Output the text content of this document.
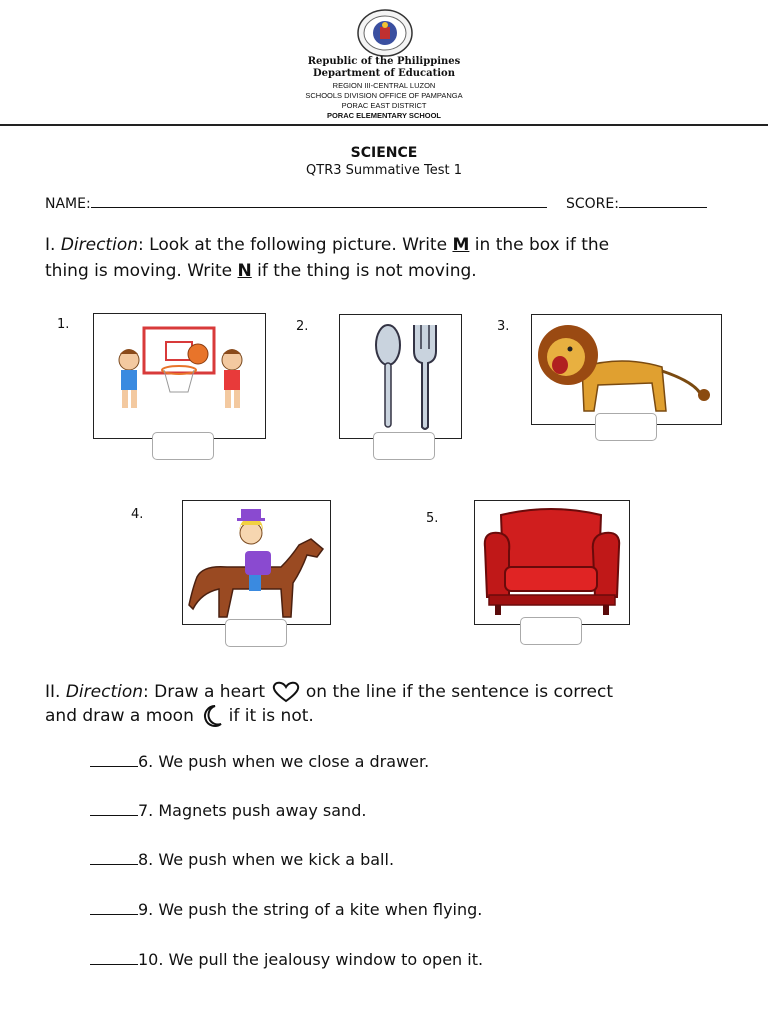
Republic of the Philippines
Department of Education
REGION III-CENTRAL LUZON
SCHOOLS DIVISION OFFICE OF PAMPANGA
PORAC EAST DISTRICT
PORAC ELEMENTARY SCHOOL
SCIENCE
QTR3 Summative Test 1
NAME:	SCORE:
I. Direction: Look at the following picture. Write M in the box if the
thing is moving. Write N if the thing is not moving.
1.	2.	3.
4.	5.
II. Direction: Draw a heart
on the line if the sentence is correct
and draw a moon
if it is not.
6. We push when we close a drawer.
7. Magnets push away sand.
8. We push when we kick a ball.
9. We push the string of a kite when flying.
10. We pull the jealousy window to open it.
